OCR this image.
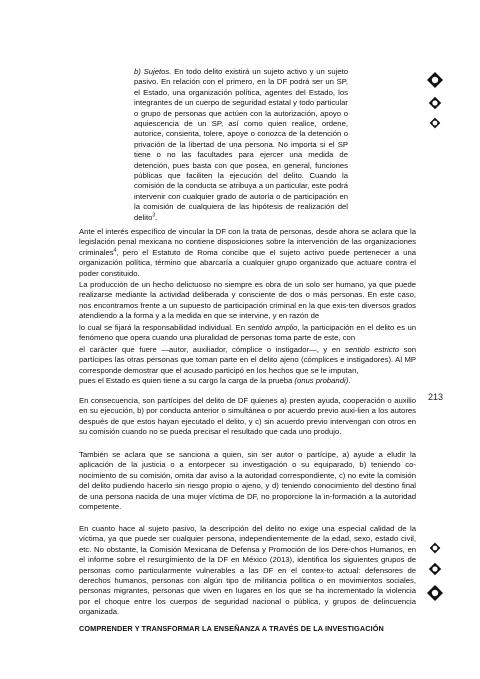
b) Sujetos. En todo delito existirá un sujeto activo y un sujeto pasivo. En relación con el primero, en la DF podrá ser un SP, el Estado, una organización política, agentes del Estado, los integrantes de un cuerpo de seguridad estatal y todo particular o grupo de personas que actúen con la autorización, apoyo o aquiescencia de un SP, así como quien realice, ordene, autorice, consienta, tolere, apoye o conozca de la detención o privación de la libertad de una persona. No importa si el SP tiene o no las facultades para ejercer una medida de detención, pues basta con que posea, en general, funciones públicas que faciliten la ejecución del delito. Cuando la comisión de la conducta se atribuya a un particular, este podrá intervenir con cualquier grado de autoría o de participación en la comisión de cualquiera de las hipótesis de realización del delito$^3$.

Ante el interés específico de vincular la DF con la trata de personas, desde ahora se aclara que la legislación penal mexicana no contiene disposiciones sobre la intervención de las organizaciones criminales$^4$, pero el Estatuto de Roma concibe que el sujeto activo puede pertenecer a una organización política, término que abarcaría a cualquier grupo organizado que actuare contra el poder constituido.

La producción de un hecho delictuoso no siempre es obra de un solo ser humano, ya que puede realizarse mediante la actividad deliberada y consciente de dos o más personas. En este caso, nos encontramos frente a un supuesto de participación criminal en la que exis-ten diversos grados atendiendo a la forma y a la medida en que se intervine, y en razón de

lo cual se fijará la responsabilidad individual. En sentido amplio, la participación en el delito es un fenómeno que opera cuando una pluralidad de personas toma parte de este, con

el carácter que fuere —autor, auxiliador, cómplice o instigador—, y en sentido estricto son partícipes las otras personas que toman parte en el delito ajeno (cómplices e instigadores). Al MP corresponde demostrar que el acusado participó en los hechos que se le imputan,

pues el Estado es quien tiene a su cargo la carga de la prueba (onus probandi).

En consecuencia, son partícipes del delito de DF quienes a) presten ayuda, cooperación o auxilio en su ejecución, b) por conducta anterior o simultánea o por acuerdo previo auxi-lien a los autores después de que estos hayan ejecutado el delito, y c) sin acuerdo previo intervengan con otros en su comisión cuando no se pueda precisar el resultado que cada uno produjo.

También se aclara que se sanciona a quien, sin ser autor o partícipe, a) ayude a eludir la aplicación de la justicia o a entorpecer su investigación o su equiparado, b) teniendo co-nocimiento de su comisión, omita dar aviso a la autoridad correspondiente, c) no evite la comisión del delito pudiendo hacerlo sin riesgo propio o ajeno, y d) teniendo conocimiento del destino final de una persona nacida de una mujer víctima de DF, no proporcione la in-formación a la autoridad competente.

En cuanto hace al sujeto pasivo, la descripción del delito no exige una especial calidad de la víctima, ya que puede ser cualquier persona, independientemente de la edad, sexo, estado civil, etc. No obstante, la Comisión Mexicana de Defensa y Promoción de los Dere-chos Humanos, en el informe sobre el resurgimiento de la DF en México (2013), identifica los siguientes grupos de personas como particularmente vulnerables a las DF en el contex-to actual: defensores de derechos humanos, personas con algún tipo de militancia política o en movimientos sociales, personas migrantes, personas que viven en lugares en los que se ha incrementado la violencia por el choque entre los cuerpos de seguridad nacional o pública, y grupos de delincuencia organizada.

213
COMPRENDER Y TRANSFORMAR LA ENSEÑANZA A TRAVÉS DE LA INVESTIGACIÓN
